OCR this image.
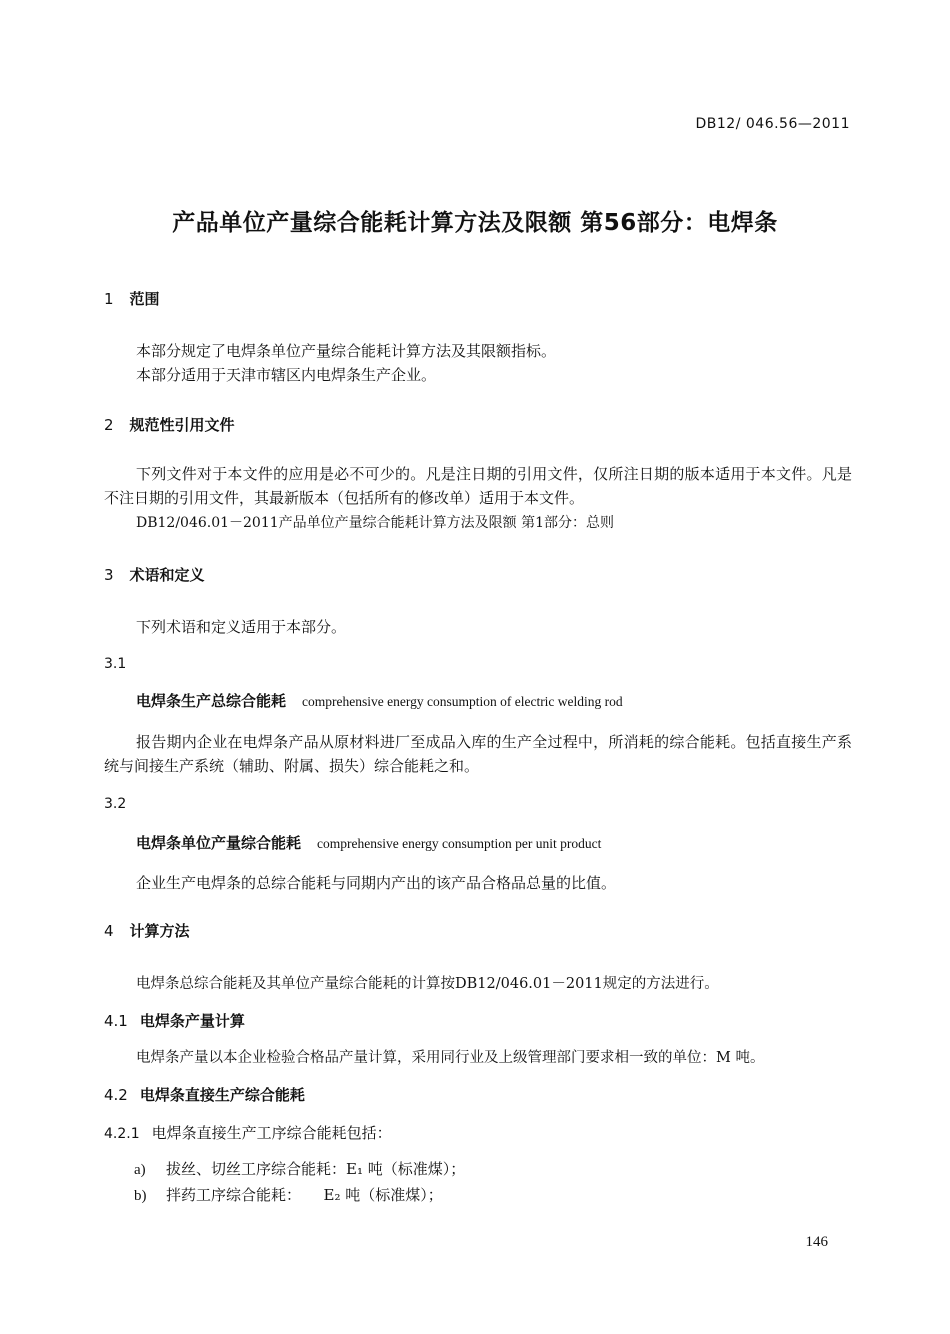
DB12/ 046.56—2011
产品单位产量综合能耗计算方法及限额 第56部分：电焊条
1 范围
本部分规定了电焊条单位产量综合能耗计算方法及其限额指标。
本部分适用于天津市辖区内电焊条生产企业。
2 规范性引用文件
下列文件对于本文件的应用是必不可少的。凡是注日期的引用文件，仅所注日期的版本适用于本文件。凡是不注日期的引用文件，其最新版本（包括所有的修改单）适用于本文件。
DB12/046.01－2011产品单位产量综合能耗计算方法及限额 第1部分：总则
3 术语和定义
下列术语和定义适用于本部分。
3.1
电焊条生产总综合能耗 comprehensive energy consumption of electric welding rod
报告期内企业在电焊条产品从原材料进厂至成品入库的生产全过程中，所消耗的综合能耗。包括直接生产系统与间接生产系统（辅助、附属、损失）综合能耗之和。
3.2
电焊条单位产量综合能耗 comprehensive energy consumption per unit product
企业生产电焊条的总综合能耗与同期内产出的该产品合格品总量的比值。
4 计算方法
电焊条总综合能耗及其单位产量综合能耗的计算按DB12/046.01－2011规定的方法进行。
4.1 电焊条产量计算
电焊条产量以本企业检验合格品产量计算，采用同行业及上级管理部门要求相一致的单位：M 吨。
4.2 电焊条直接生产综合能耗
4.2.1 电焊条直接生产工序综合能耗包括：
a) 拔丝、切丝工序综合能耗：E₁ 吨（标准煤）；
b) 拌药工序综合能耗：　　E₂ 吨（标准煤）；
146
